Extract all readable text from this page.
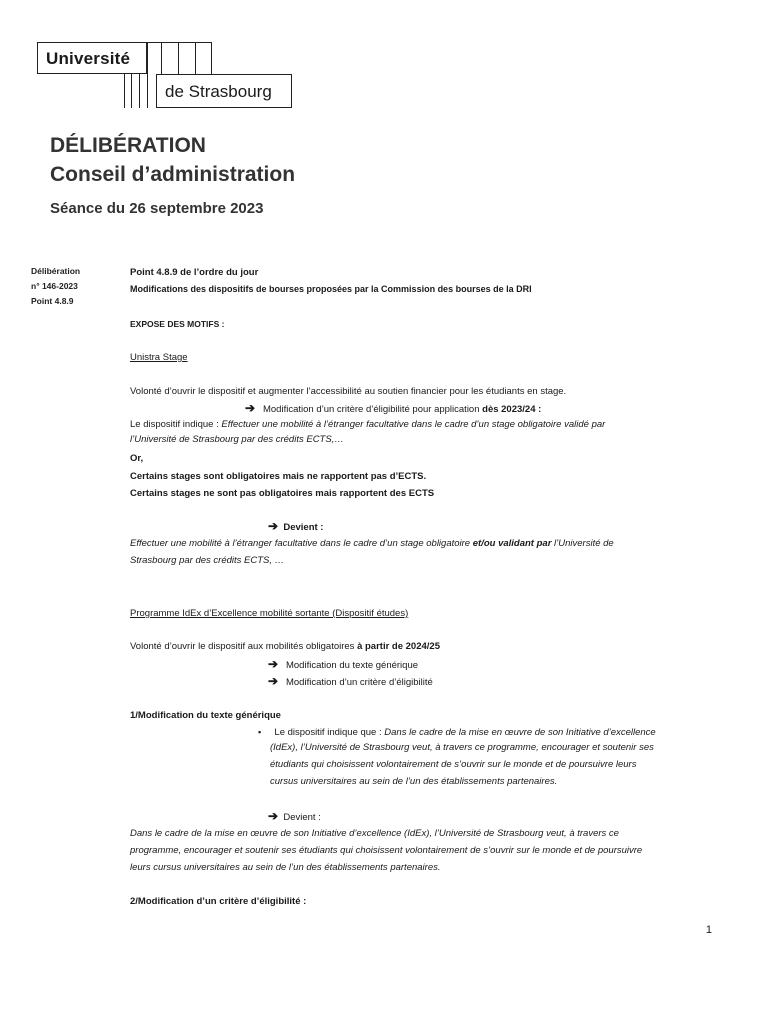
Université
de Strasbourg
DÉLIBÉRATION
Conseil d’administration
Séance du 26 septembre 2023
Délibération
n° 146-2023
Point 4.8.9
Point 4.8.9 de l’ordre du jour
Modifications des dispositifs de bourses proposées par la Commission des bourses de la DRI
EXPOSE DES MOTIFS :
Unistra Stage
Volonté d’ouvrir le dispositif et augmenter l’accessibilité au soutien financier pour les étudiants en stage.
➔ Modification d’un critère d’éligibilité pour application dès 2023/24 :
Le dispositif indique : Effectuer une mobilité à l’étranger facultative dans le cadre d’un stage obligatoire validé par
l’Université de Strasbourg par des crédits ECTS,…
Or,
Certains stages sont obligatoires mais ne rapportent pas d’ECTS.
Certains stages ne sont pas obligatoires mais rapportent des ECTS
➔ Devient :
Effectuer une mobilité à l’étranger facultative dans le cadre d’un stage obligatoire et/ou validant par l’Université de
Strasbourg par des crédits ECTS, …
Programme IdEx d’Excellence mobilité sortante (Dispositif études)
Volonté d’ouvrir le dispositif aux mobilités obligatoires à partir de 2024/25
➔ Modification du texte générique
➔ Modification d’un critère d’éligibilité
1/Modification du texte générique
▪ Le dispositif indique que : Dans le cadre de la mise en œuvre de son Initiative d’excellence
(IdEx), l’Université de Strasbourg veut, à travers ce programme, encourager et soutenir ses
étudiants qui choisissent volontairement de s’ouvrir sur le monde et de poursuivre leurs
cursus universitaires au sein de l’un des établissements partenaires.
➔ Devient :
Dans le cadre de la mise en œuvre de son Initiative d’excellence (IdEx), l’Université de Strasbourg veut, à travers ce
programme, encourager et soutenir ses étudiants qui choisissent volontairement de s’ouvrir sur le monde et de poursuivre
leurs cursus universitaires au sein de l’un des établissements partenaires.
2/Modification d’un critère d’éligibilité :
1
